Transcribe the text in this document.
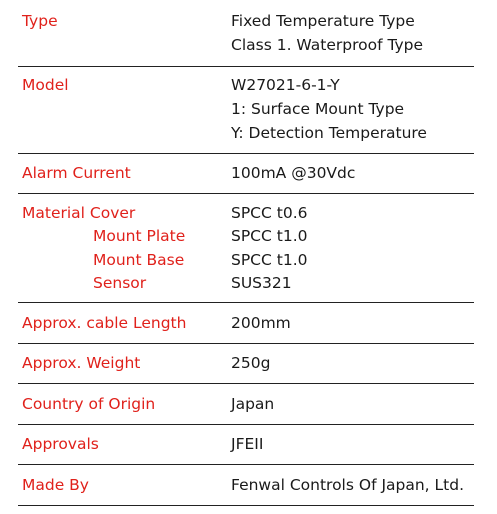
Type	Fixed Temperature Type
Class 1. Waterproof Type
Model	W27021-6-1-Y
1: Surface Mount Type
Y: Detection Temperature
Alarm Current	100mA @30Vdc
Material Cover	SPCC t0.6
Mount Plate	SPCC t1.0
Mount Base	SPCC t1.0
Sensor	SUS321
Approx. cable Length	200mm
Approx. Weight	250g
Country of Origin	Japan
Approvals	JFEII
Made By	Fenwal Controls Of Japan, Ltd.
